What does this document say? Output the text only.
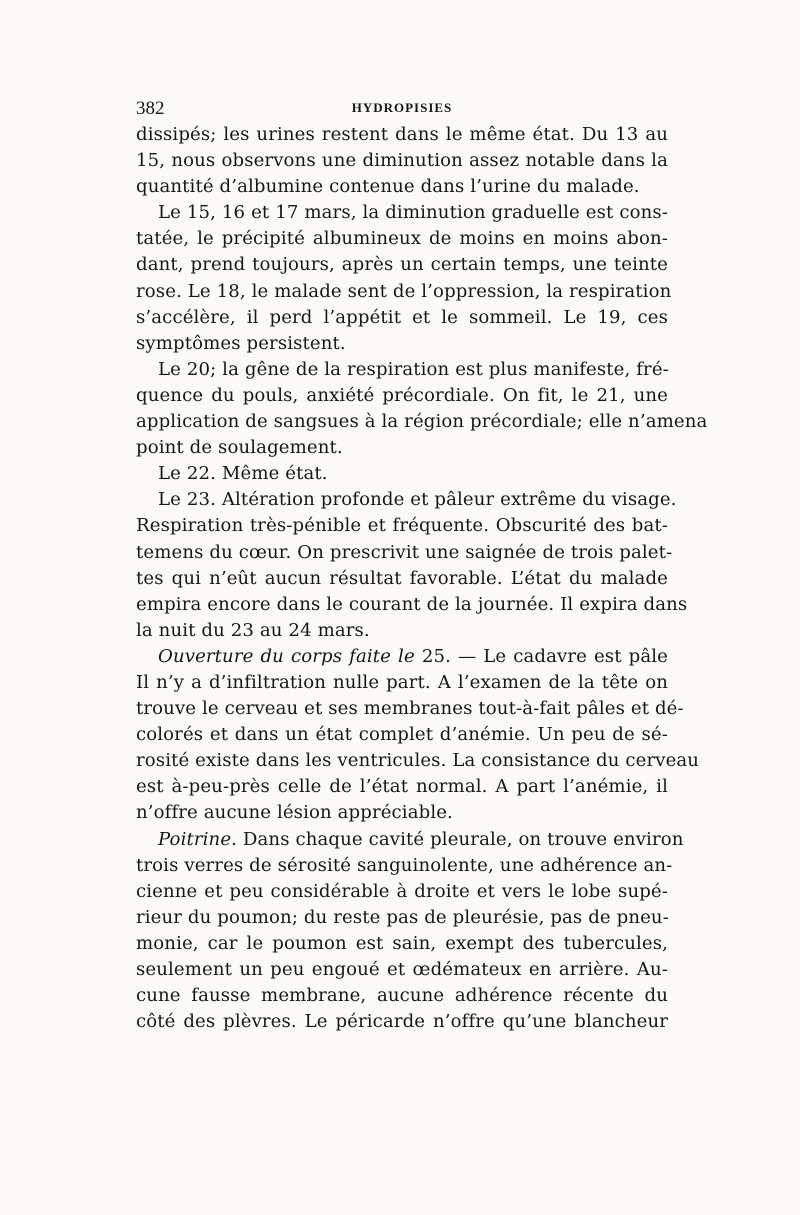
382	HYDROPISIES
dissipés; les urines restent dans le même état. Du 13 au
15, nous observons une diminution assez notable dans la
quantité d’albumine contenue dans l’urine du malade.
Le 15, 16 et 17 mars, la diminution graduelle est cons-
tatée, le précipité albumineux de moins en moins abon-
dant, prend toujours, après un certain temps, une teinte
rose. Le 18, le malade sent de l’oppression, la respiration
s’accélère, il perd l’appétit et le sommeil. Le 19, ces
symptômes persistent.
Le 20; la gêne de la respiration est plus manifeste, fré-
quence du pouls, anxiété précordiale. On fit, le 21, une
application de sangsues à la région précordiale; elle n’amena
point de soulagement.
Le 22. Même état.
Le 23. Altération profonde et pâleur extrême du visage.
Respiration très-pénible et fréquente. Obscurité des bat-
temens du cœur. On prescrivit une saignée de trois palet-
tes qui n’eût aucun résultat favorable. L’état du malade
empira encore dans le courant de la journée. Il expira dans
la nuit du 23 au 24 mars.
Ouverture du corps faite le 25. — Le cadavre est pâle
Il n’y a d’infiltration nulle part. A l’examen de la tête on
trouve le cerveau et ses membranes tout-à-fait pâles et dé-
colorés et dans un état complet d’anémie. Un peu de sé-
rosité existe dans les ventricules. La consistance du cerveau
est à-peu-près celle de l’état normal. A part l’anémie, il
n’offre aucune lésion appréciable.
Poitrine. Dans chaque cavité pleurale, on trouve environ
trois verres de sérosité sanguinolente, une adhérence an-
cienne et peu considérable à droite et vers le lobe supé-
rieur du poumon; du reste pas de pleurésie, pas de pneu-
monie, car le poumon est sain, exempt des tubercules,
seulement un peu engoué et œdémateux en arrière. Au-
cune fausse membrane, aucune adhérence récente du
côté des plèvres. Le péricarde n’offre qu’une blancheur
